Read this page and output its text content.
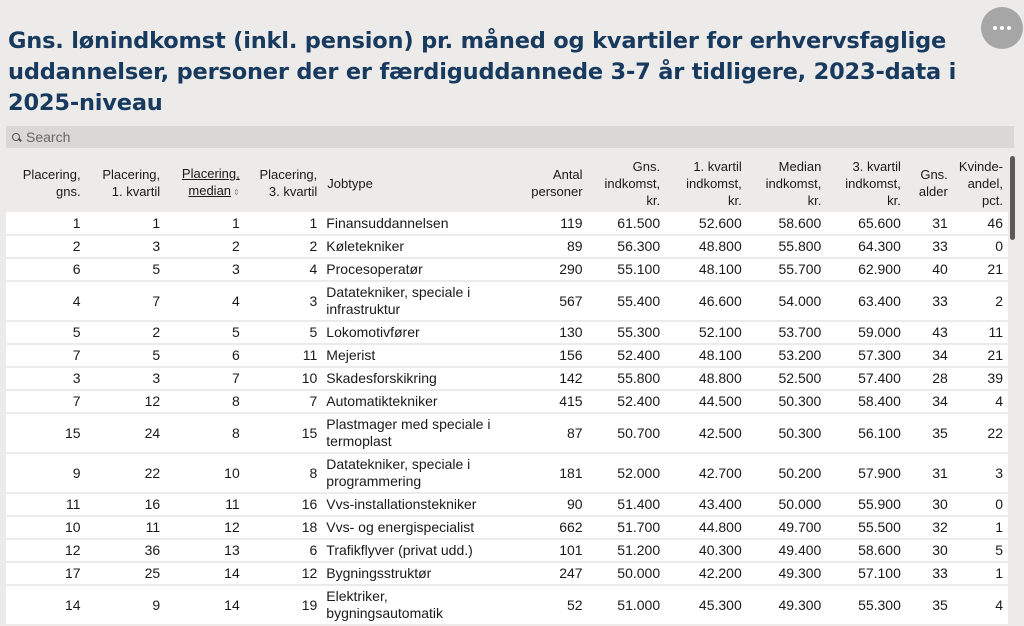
Gns. lønindkomst (inkl. pension) pr. måned og kvartiler for erhvervsfaglige uddannelser, personer der er færdiguddannede 3-7 år tidligere, 2023-data i 2025-niveau
Search
Placering, gns.	Placering, 1. kvartil	Placering, median ⇕	Placering, 3. kvartil	Jobtype	Antal personer	Gns. indkomst, kr.	1. kvartil indkomst, kr.	Median indkomst, kr.	3. kvartil indkomst, kr.	Gns. alder	Kvinde-andel, pct.
1	1	1	1	Finansuddannelsen	119	61.500	52.600	58.600	65.600	31	46
2	3	2	2	Køletekniker	89	56.300	48.800	55.800	64.300	33	0
6	5	3	4	Procesoperatør	290	55.100	48.100	55.700	62.900	40	21
4	7	4	3	Datatekniker, speciale i infrastruktur	567	55.400	46.600	54.000	63.400	33	2
5	2	5	5	Lokomotivfører	130	55.300	52.100	53.700	59.000	43	11
7	5	6	11	Mejerist	156	52.400	48.100	53.200	57.300	34	21
3	3	7	10	Skadesforskikring	142	55.800	48.800	52.500	57.400	28	39
7	12	8	7	Automatiktekniker	415	52.400	44.500	50.300	58.400	34	4
15	24	8	15	Plastmager med speciale i termoplast	87	50.700	42.500	50.300	56.100	35	22
9	22	10	8	Datatekniker, speciale i programmering	181	52.000	42.700	50.200	57.900	31	3
11	16	11	16	Vvs-installationstekniker	90	51.400	43.400	50.000	55.900	30	0
10	11	12	18	Vvs- og energispecialist	662	51.700	44.800	49.700	55.500	32	1
12	36	13	6	Trafikflyver (privat udd.)	101	51.200	40.300	49.400	58.600	30	5
17	25	14	12	Bygningsstruktør	247	50.000	42.200	49.300	57.100	33	1
14	9	14	19	Elektriker, bygningsautomatik	52	51.000	45.300	49.300	55.300	35	4
